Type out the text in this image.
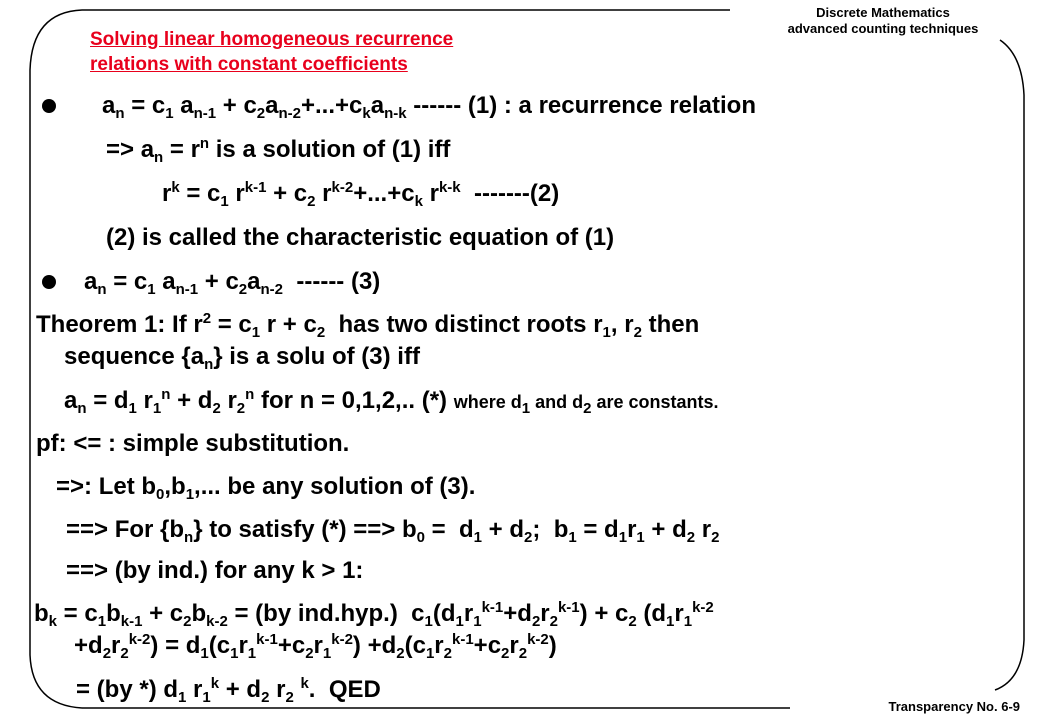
Discrete Mathematics
advanced counting techniques
Solving linear homogeneous recurrence
relations with constant coefficients
$a_n = c_1$ $a_{n-1} + c_2a_{n-2}+...+c_ka_{n-k}$ ------ (1) : a recurrence relation
=> $a_n = r^n$ is a solution of (1) iff
$r^k = c_1$ $r^{k-1} + c_2$ $r^{k-2}+...+c_k$ $r^{k-k}$ -------(2)
(2) is called the characteristic equation of (1)
$a_n = c_1$ $a_{n-1} + c_2a_{n-2}$ ------ (3)
Theorem 1: If $r^2 = c_1$ $r + c_2$ has two distinct roots $r_1$, $r_2$ then
sequence $\{a_n\}$ is a solu of (3) iff
$a_n = d_1$ $r_1^n + d_2$ $r_2^n$ for n = 0,1,2,.. (*) where $d_1$ and $d_2$ are constants.
pf: <= : simple substitution.
=>: Let $b_0,b_1$,... be any solution of (3).
==> For $\{b_n\}$ to satisfy (*) ==> $b_0 = d_1 + d_2$;  $b_1 = d_1r_1 + d_2$ $r_2$
==> (by ind.) for any k > 1:
$b_k = c_1b_{k-1} + c_2b_{k-2} = (by$ ind.hyp.)  $c_1(d_1r_1^{k-1}+d_2r_2^{k-1}) + c_2$ ($d_1r_1^{k-2}$
$+d_2r_2^{k-2}) = d_1(c_1r_1^{k-1}+c_2r_1^{k-2}) +d_2(c_1r_2^{k-1}+c_2r_2^{k-2})$
= (by *) $d_1$ $r_1^k + d_2$ $r_2$ $^k$.  QED
Transparency No. 6-9
